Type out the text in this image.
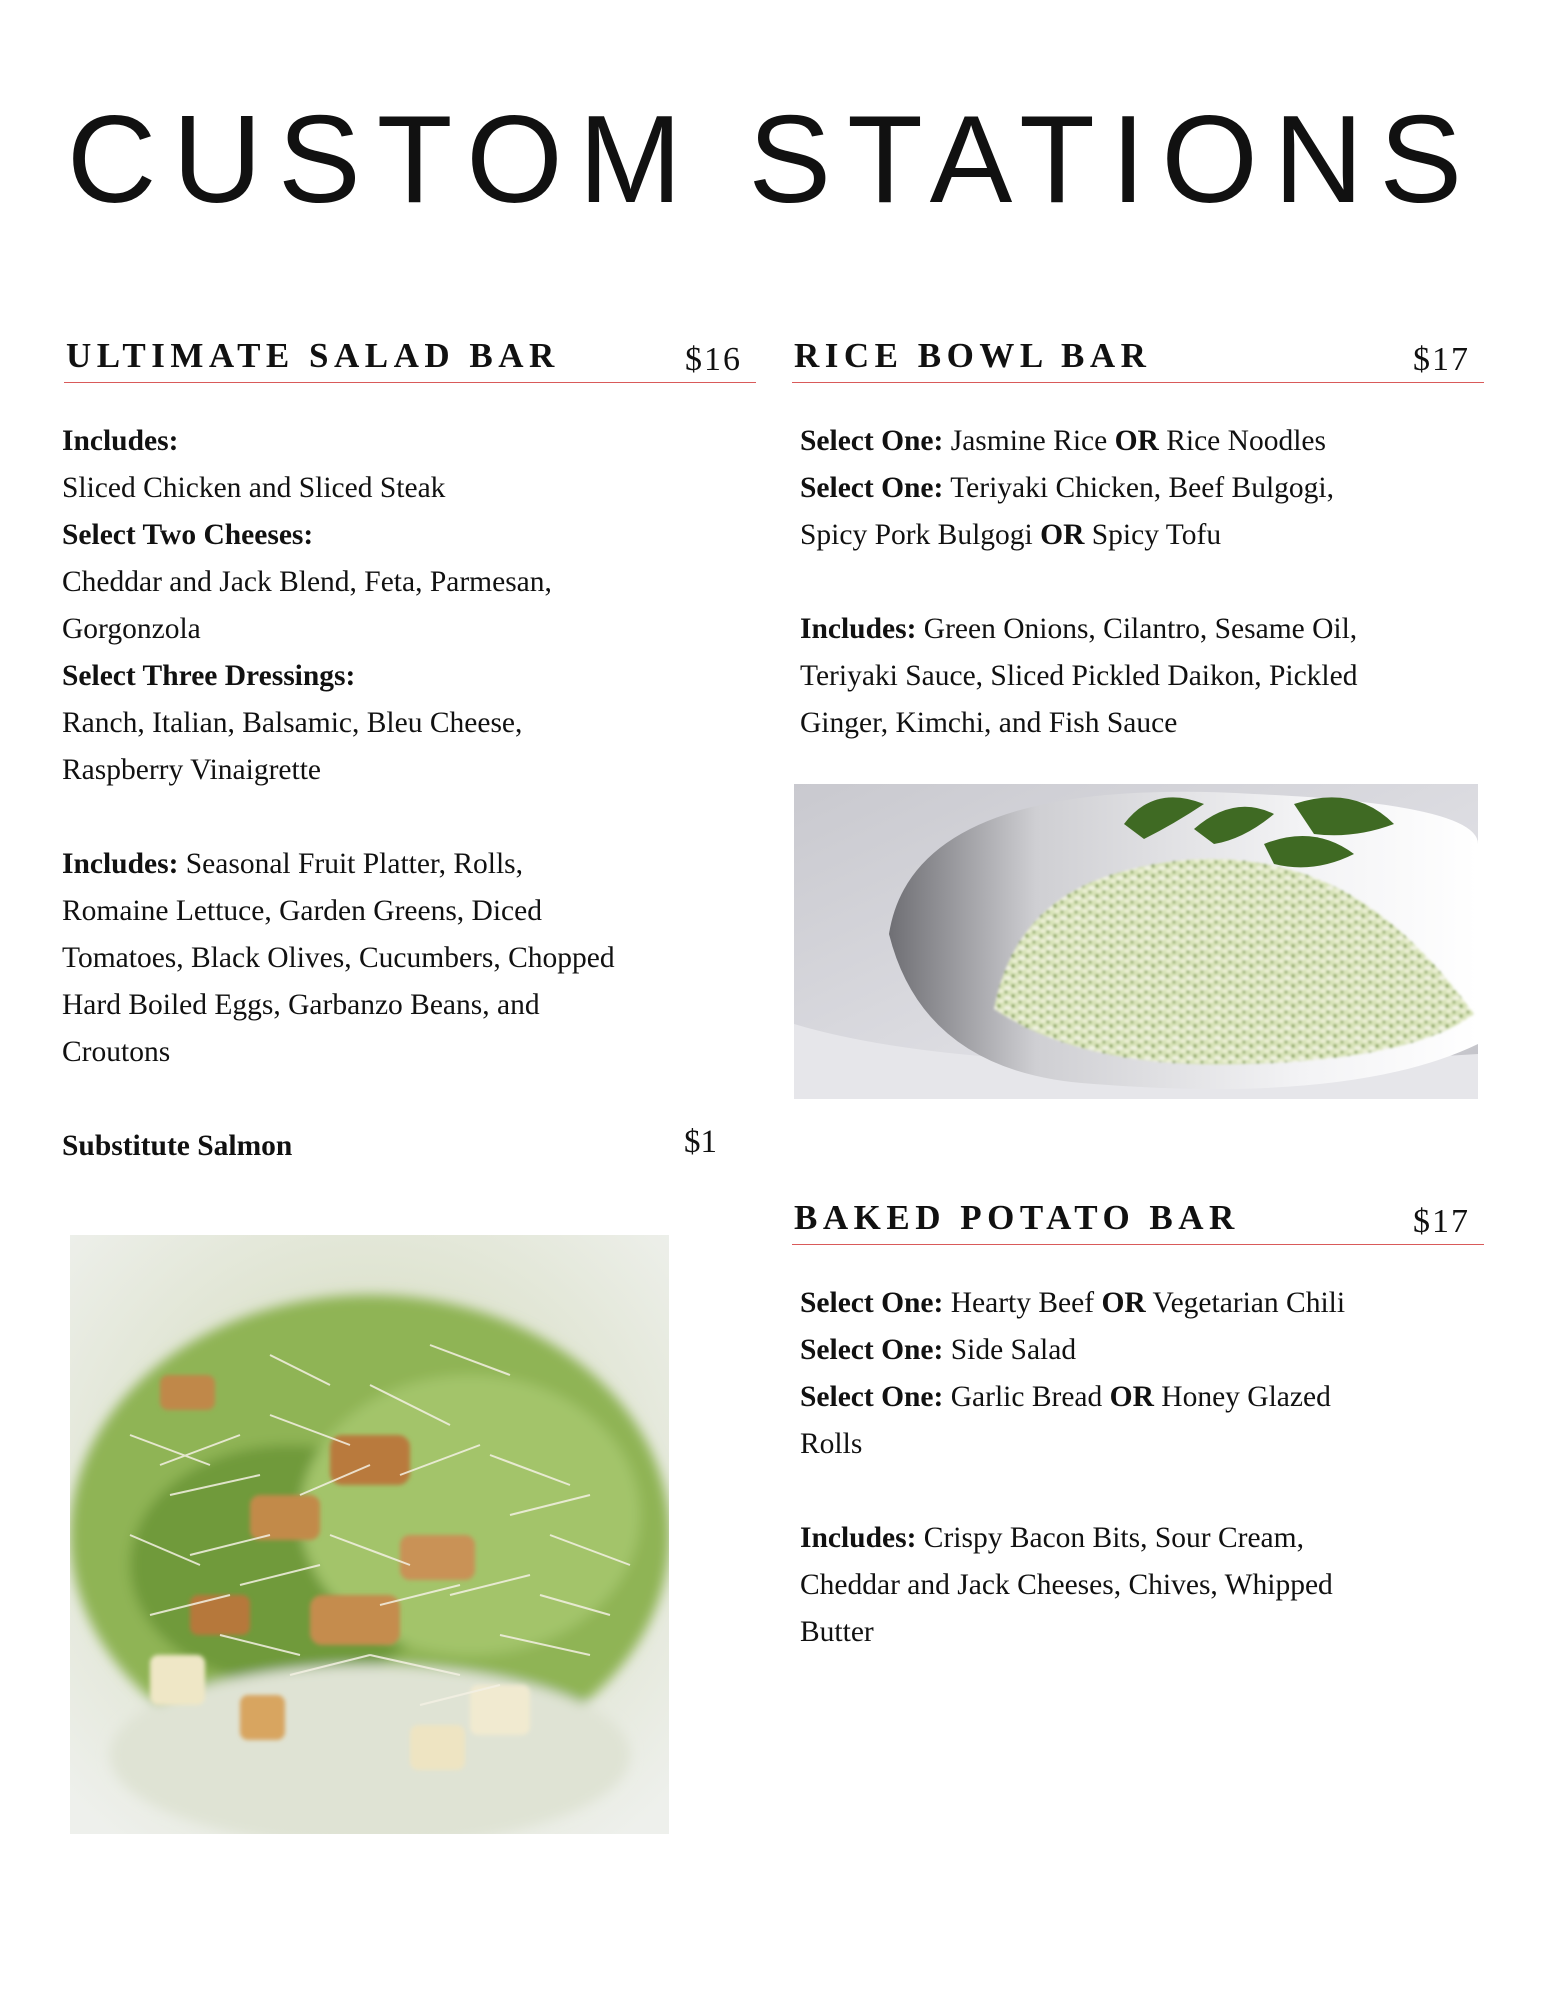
CUSTOM STATIONS
ULTIMATE SALAD BAR	$16

Includes:

Sliced Chicken and Sliced Steak

Select Two Cheeses:

Cheddar and Jack Blend, Feta, Parmesan,

Gorgonzola

Select Three Dressings:

Ranch, Italian, Balsamic, Bleu Cheese,

Raspberry Vinaigrette

Includes: Seasonal Fruit Platter, Rolls,

Romaine Lettuce, Garden Greens, Diced

Tomatoes, Black Olives, Cucumbers, Chopped

Hard Boiled Eggs, Garbanzo Beans, and

Croutons

Substitute Salmon	$1

RICE BOWL BAR	$17

Select One: Jasmine Rice OR Rice Noodles

Select One: Teriyaki Chicken, Beef Bulgogi,

Spicy Pork Bulgogi OR Spicy Tofu

Includes: Green Onions, Cilantro, Sesame Oil,

Teriyaki Sauce, Sliced Pickled Daikon, Pickled

Ginger, Kimchi, and Fish Sauce

BAKED POTATO BAR	$17

Select One: Hearty Beef OR Vegetarian Chili

Select One: Side Salad

Select One: Garlic Bread OR Honey Glazed

Rolls

Includes: Crispy Bacon Bits, Sour Cream,

Cheddar and Jack Cheeses, Chives, Whipped

Butter
